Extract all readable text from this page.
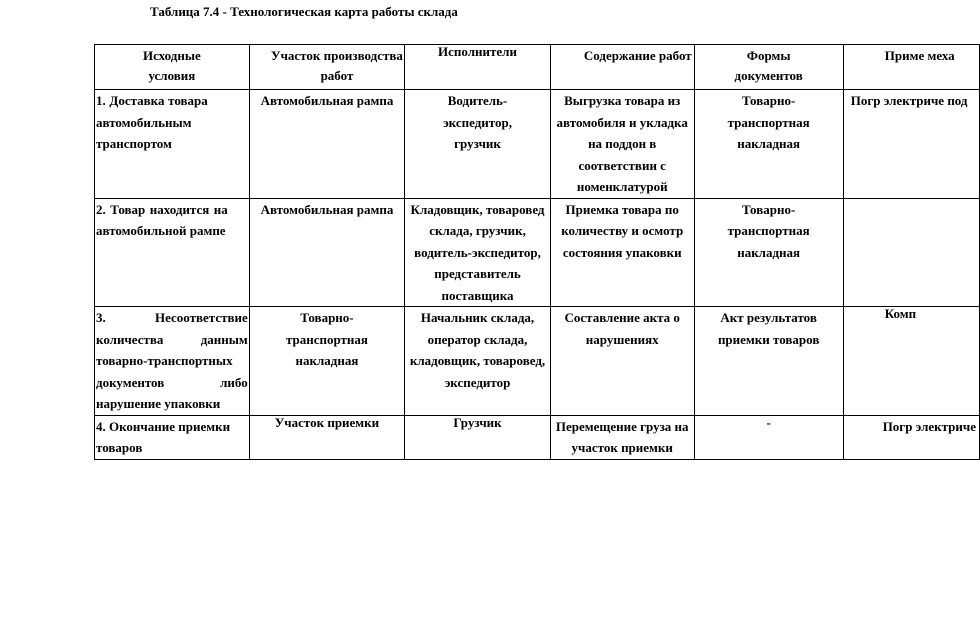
Таблица 7.4 - Технологическая карта работы склада
Исходные условия	Участок производства работ	Исполнители	Содержание работ	Формы документов	Приме меха

1. Доставка товара автомобильным транспортом	Автомобильная рампа	Водитель-экспедитор, грузчик	Выгрузка товара из автомобиля и укладка на поддон в соответствии с номенклатурой	Товарно-транспортная накладная	Погр электриче под

2. Товар находится на автомобильной рампе	Автомобильная рампа	Кладовщик, товаровед склада, грузчик, водитель-экспедитор, представитель поставщика	Приемка товара по количеству и осмотр состояния упаковки	Товарно-транспортная накладная	

3. Несоответствие количества данным товарно-транспортных документов либо нарушение упаковки	Товарно-транспортная накладная	Начальник склада, оператор склада, кладовщик, товаровед, экспедитор	Составление акта о нарушениях	Акт результатов приемки товаров	Комп

4. Окончание приемки товаров	Участок приемки	Грузчик	Перемещение груза на участок приемки	-	Погр электриче
